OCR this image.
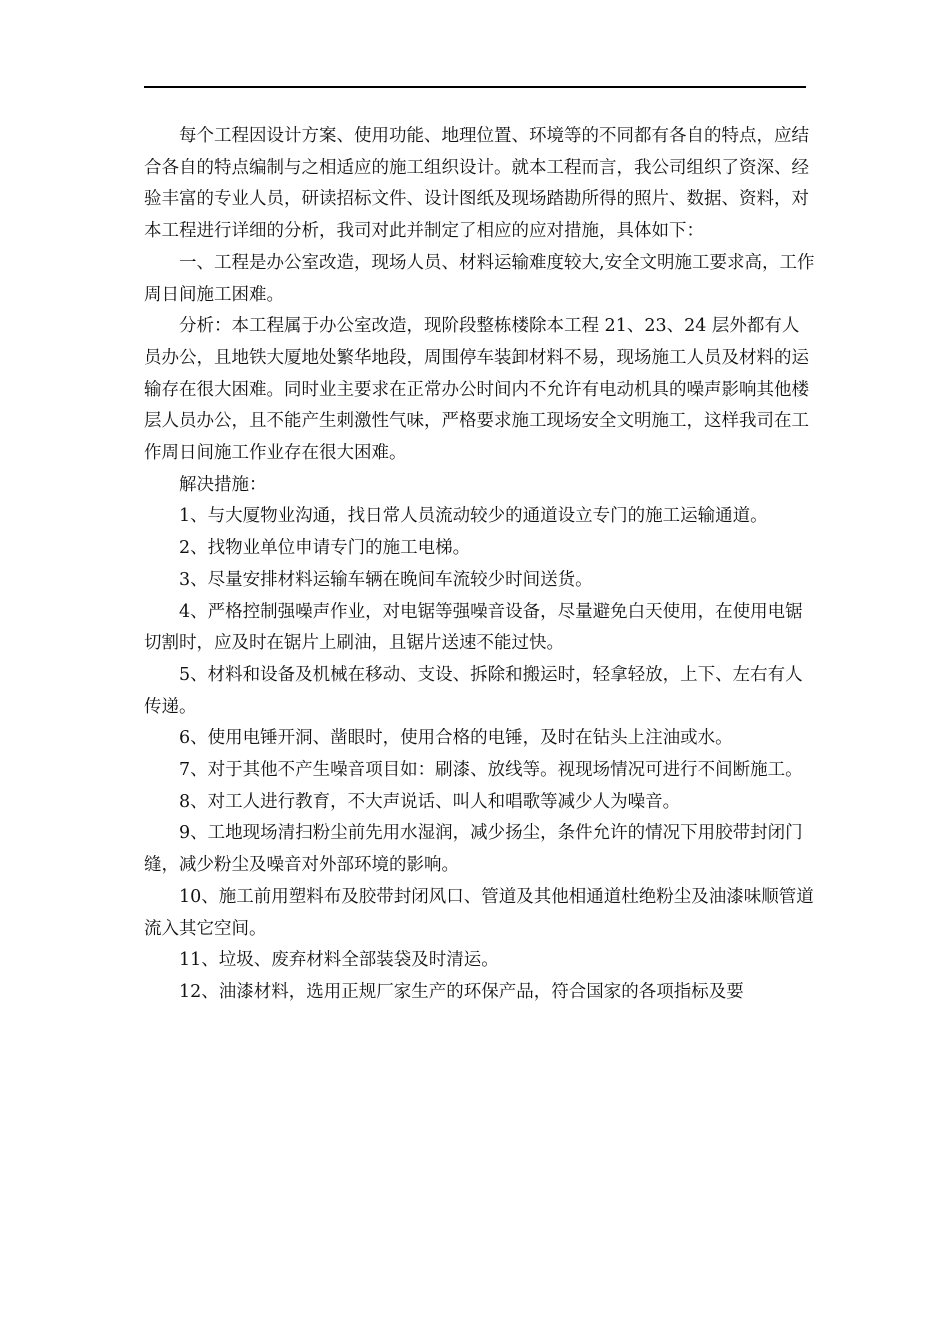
每个工程因设计方案、使用功能、地理位置、环境等的不同都有各自的特点，应结合各自的特点编制与之相适应的施工组织设计。就本工程而言，我公司组织了资深、经验丰富的专业人员，研读招标文件、设计图纸及现场踏勘所得的照片、数据、资料，对本工程进行详细的分析，我司对此并制定了相应的应对措施，具体如下：

一、工程是办公室改造，现场人员、材料运输难度较大,安全文明施工要求高，工作周日间施工困难。

分析：本工程属于办公室改造，现阶段整栋楼除本工程 21、23、24 层外都有人员办公，且地铁大厦地处繁华地段，周围停车装卸材料不易，现场施工人员及材料的运输存在很大困难。同时业主要求在正常办公时间内不允许有电动机具的噪声影响其他楼层人员办公，且不能产生刺激性气味，严格要求施工现场安全文明施工，这样我司在工作周日间施工作业存在很大困难。

解决措施：

1、与大厦物业沟通，找日常人员流动较少的通道设立专门的施工运输通道。

2、找物业单位申请专门的施工电梯。

3、尽量安排材料运输车辆在晚间车流较少时间送货。

4、严格控制强噪声作业，对电锯等强噪音设备，尽量避免白天使用，在使用电锯切割时，应及时在锯片上刷油，且锯片送速不能过快。

5、材料和设备及机械在移动、支设、拆除和搬运时，轻拿轻放，上下、左右有人传递。

6、使用电锤开洞、凿眼时，使用合格的电锤，及时在钻头上注油或水。

7、对于其他不产生噪音项目如：刷漆、放线等。视现场情况可进行不间断施工。

8、对工人进行教育，不大声说话、叫人和唱歌等减少人为噪音。

9、工地现场清扫粉尘前先用水湿润，减少扬尘，条件允许的情况下用胶带封闭门缝，减少粉尘及噪音对外部环境的影响。

10、施工前用塑料布及胶带封闭风口、管道及其他相通道杜绝粉尘及油漆味顺管道流入其它空间。

11、垃圾、废弃材料全部装袋及时清运。

12、油漆材料，选用正规厂家生产的环保产品，符合国家的各项指标及要
